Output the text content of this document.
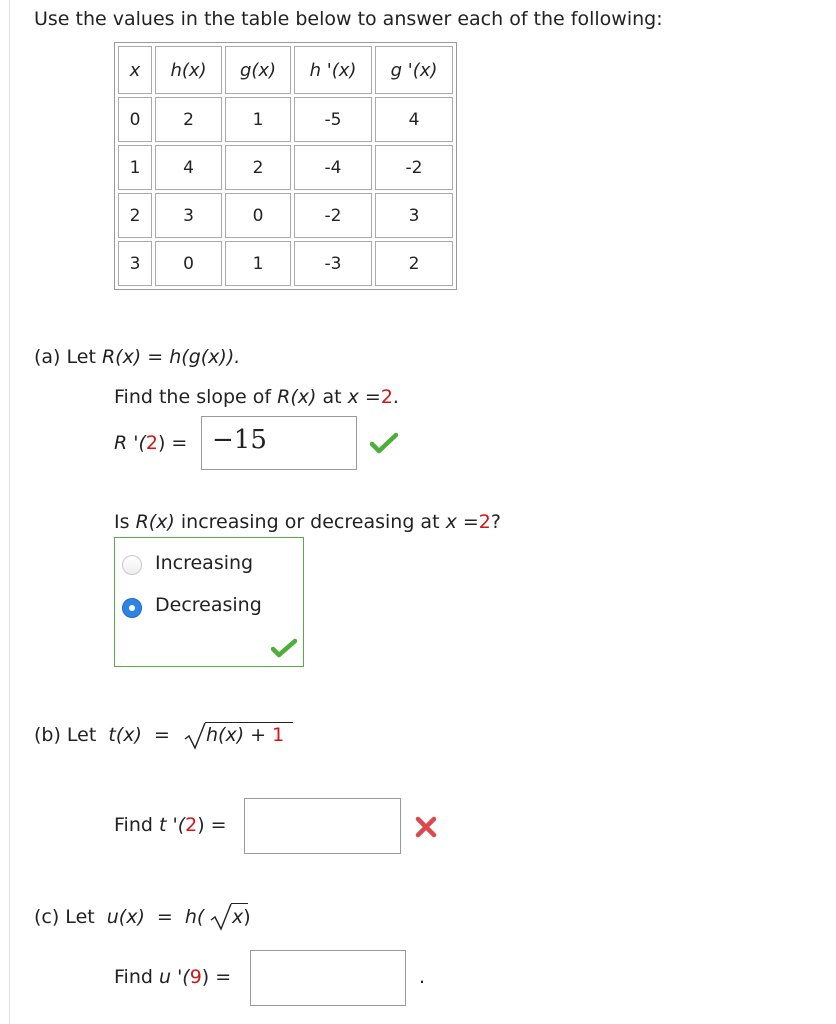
Use the values in the table below to answer each of the following:
x	h(x)	g(x)	h '(x)	g '(x)
0	2	1	-5	4
1	4	2	-4	-2
2	3	0	-2	3
3	0	1	-3	2
(a) Let R(x) = h(g(x)).
Find the slope of R(x) at x =2.
R '(2) = −15
Is R(x) increasing or decreasing at x =2?
Increasing
Decreasing
(b) Let t(x) = h(x) + 1
Find t '(2) =
(c) Let u(x) = h( x)
Find u '(9) =	.
